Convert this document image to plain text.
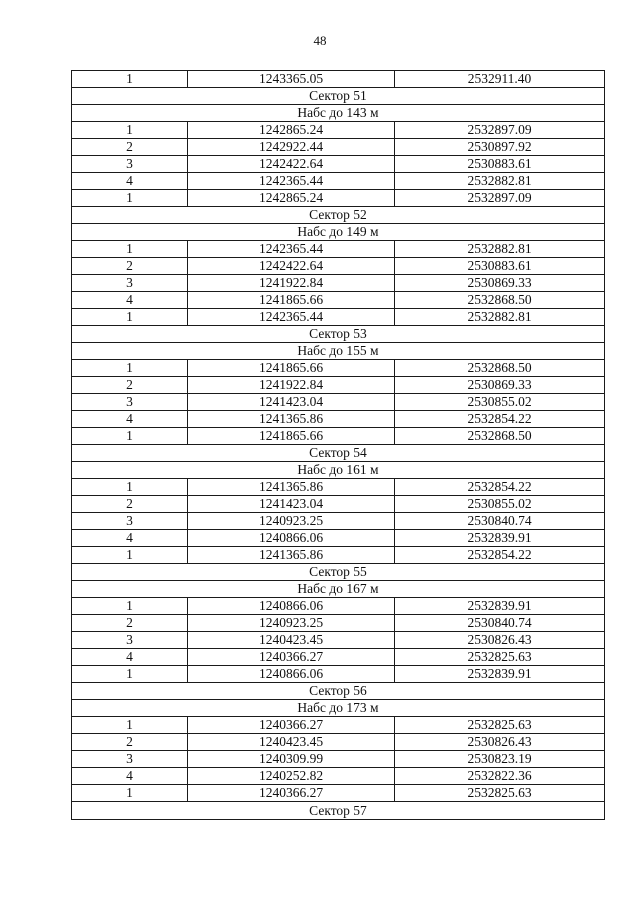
48
1	1243365.05	2532911.40
Сектор 51		
Набс до 143 м		
1	1242865.24	2532897.09
2	1242922.44	2530897.92
3	1242422.64	2530883.61
4	1242365.44	2532882.81
1	1242865.24	2532897.09
Сектор 52		
Набс до 149 м		
1	1242365.44	2532882.81
2	1242422.64	2530883.61
3	1241922.84	2530869.33
4	1241865.66	2532868.50
1	1242365.44	2532882.81
Сектор 53		
Набс до 155 м		
1	1241865.66	2532868.50
2	1241922.84	2530869.33
3	1241423.04	2530855.02
4	1241365.86	2532854.22
1	1241865.66	2532868.50
Сектор 54		
Набс до 161 м		
1	1241365.86	2532854.22
2	1241423.04	2530855.02
3	1240923.25	2530840.74
4	1240866.06	2532839.91
1	1241365.86	2532854.22
Сектор 55		
Набс до 167 м		
1	1240866.06	2532839.91
2	1240923.25	2530840.74
3	1240423.45	2530826.43
4	1240366.27	2532825.63
1	1240866.06	2532839.91
Сектор 56		
Набс до 173 м		
1	1240366.27	2532825.63
2	1240423.45	2530826.43
3	1240309.99	2530823.19
4	1240252.82	2532822.36
1	1240366.27	2532825.63
Сектор 57		
